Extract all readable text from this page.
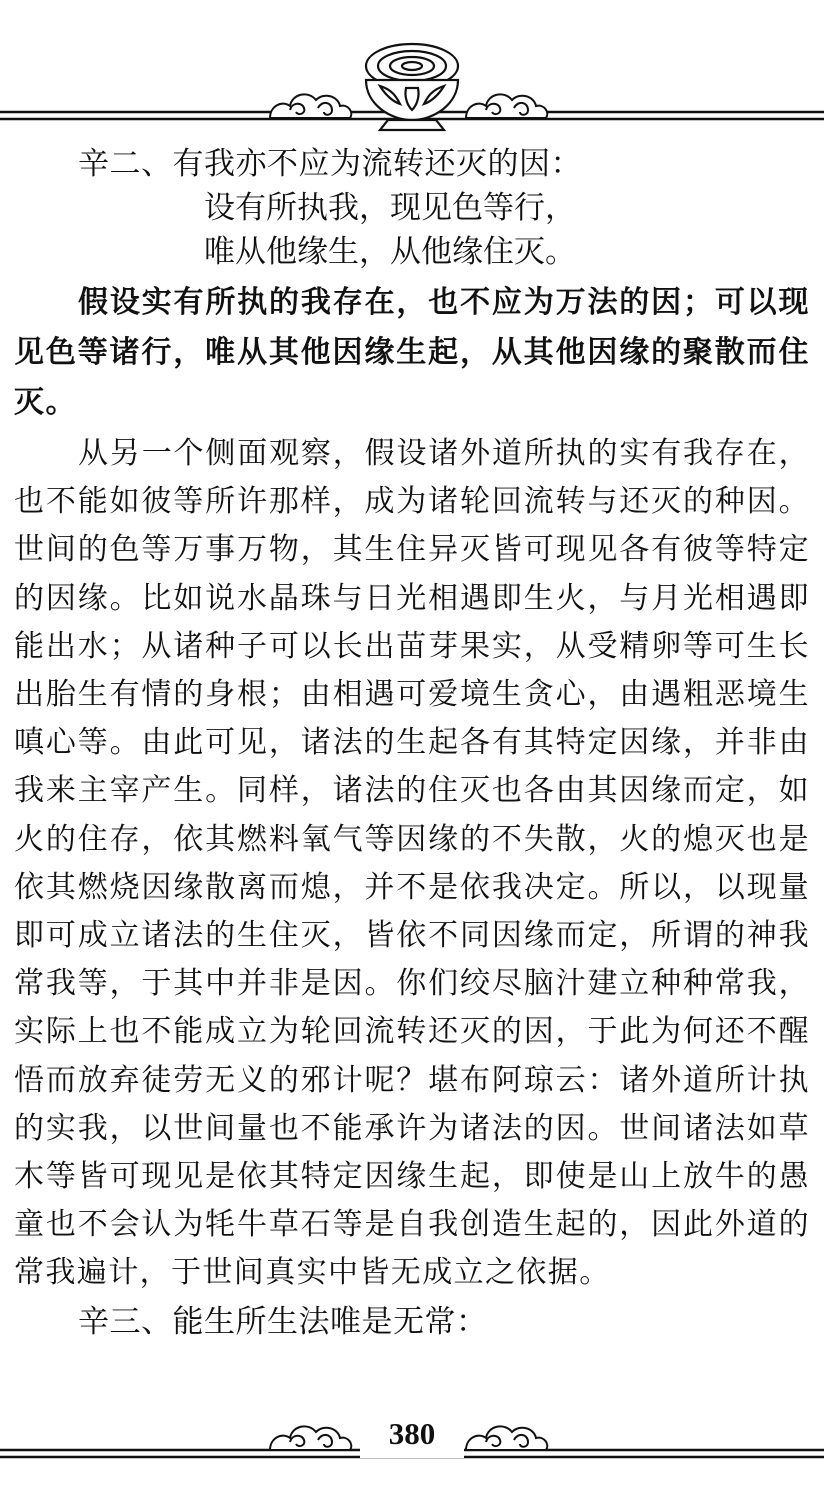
辛二、有我亦不应为流转还灭的因：

设有所执我，现见色等行，

唯从他缘生，从他缘住灭。

假设实有所执的我存在，也不应为万法的因；可以现见色等诸行，唯从其他因缘生起，从其他因缘的聚散而住灭。

从另一个侧面观察，假设诸外道所执的实有我存在，也不能如彼等所许那样，成为诸轮回流转与还灭的种因。世间的色等万事万物，其生住异灭皆可现见各有彼等特定的因缘。比如说水晶珠与日光相遇即生火，与月光相遇即能出水；从诸种子可以长出苗芽果实，从受精卵等可生长出胎生有情的身根；由相遇可爱境生贪心，由遇粗恶境生嗔心等。由此可见，诸法的生起各有其特定因缘，并非由我来主宰产生。同样，诸法的住灭也各由其因缘而定，如火的住存，依其燃料氧气等因缘的不失散，火的熄灭也是依其燃烧因缘散离而熄，并不是依我决定。所以，以现量即可成立诸法的生住灭，皆依不同因缘而定，所谓的神我常我等，于其中并非是因。你们绞尽脑汁建立种种常我，实际上也不能成立为轮回流转还灭的因，于此为何还不醒悟而放弃徒劳无义的邪计呢？堪布阿琼云：诸外道所计执的实我，以世间量也不能承许为诸法的因。世间诸法如草木等皆可现见是依其特定因缘生起，即使是山上放牛的愚童也不会认为牦牛草石等是自我创造生起的，因此外道的常我遍计，于世间真实中皆无成立之依据。

辛三、能生所生法唯是无常：

380
